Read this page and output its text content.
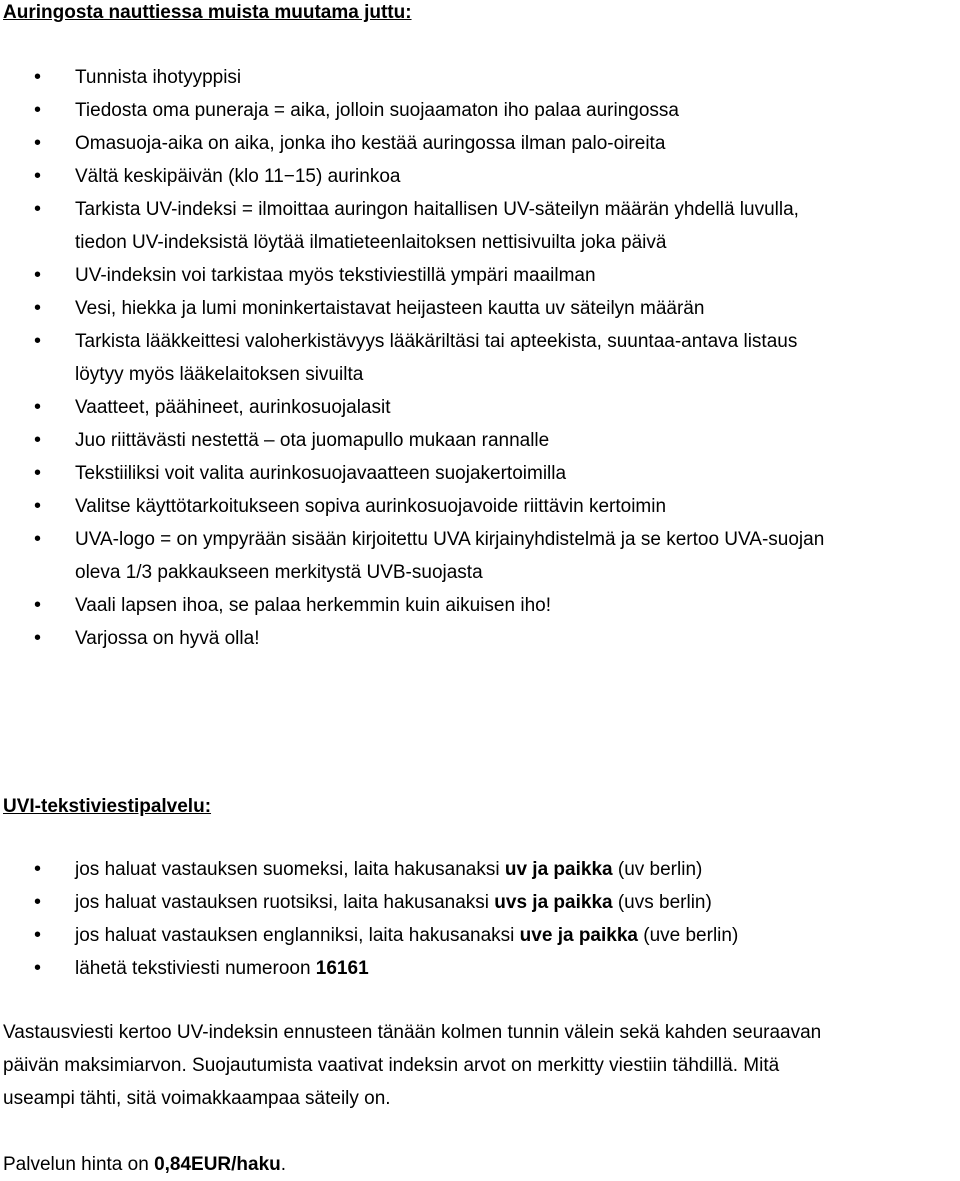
Auringosta nauttiessa muista muutama juttu:
• Tunnista ihotyyppisi
• Tiedosta oma puneraja = aika, jolloin suojaamaton iho palaa auringossa
• Omasuoja-aika on aika, jonka iho kestää auringossa ilman palo-oireita
• Vältä keskipäivän (klo 11−15) aurinkoa
• Tarkista UV-indeksi = ilmoittaa auringon haitallisen UV-säteilyn määrän yhdellä luvulla,
tiedon UV-indeksistä löytää ilmatieteenlaitoksen nettisivuilta joka päivä
• UV-indeksin voi tarkistaa myös tekstiviestillä ympäri maailman
• Vesi, hiekka ja lumi moninkertaistavat heijasteen kautta uv säteilyn määrän
• Tarkista lääkkeittesi valoherkistävyys lääkäriltäsi tai apteekista, suuntaa-antava listaus
löytyy myös lääkelaitoksen sivuilta
• Vaatteet, päähineet, aurinkosuojalasit
• Juo riittävästi nestettä – ota juomapullo mukaan rannalle
• Tekstiiliksi voit valita aurinkosuojavaatteen suojakertoimilla
• Valitse käyttötarkoitukseen sopiva aurinkosuojavoide riittävin kertoimin
• UVA-logo = on ympyrään sisään kirjoitettu UVA kirjainyhdistelmä ja se kertoo UVA-suojan
oleva 1/3 pakkaukseen merkitystä UVB-suojasta
• Vaali lapsen ihoa, se palaa herkemmin kuin aikuisen iho!
• Varjossa on hyvä olla!
UVI-tekstiviestipalvelu:
• jos haluat vastauksen suomeksi, laita hakusanaksi uv ja paikka (uv berlin)
• jos haluat vastauksen ruotsiksi, laita hakusanaksi uvs ja paikka (uvs berlin)
• jos haluat vastauksen englanniksi, laita hakusanaksi uve ja paikka (uve berlin)
• lähetä tekstiviesti numeroon 16161
Vastausviesti kertoo UV-indeksin ennusteen tänään kolmen tunnin välein sekä kahden seuraavan
päivän maksimiarvon. Suojautumista vaativat indeksin arvot on merkitty viestiin tähdillä. Mitä
useampi tähti, sitä voimakkaampaa säteily on.
Palvelun hinta on 0,84EUR/haku.
